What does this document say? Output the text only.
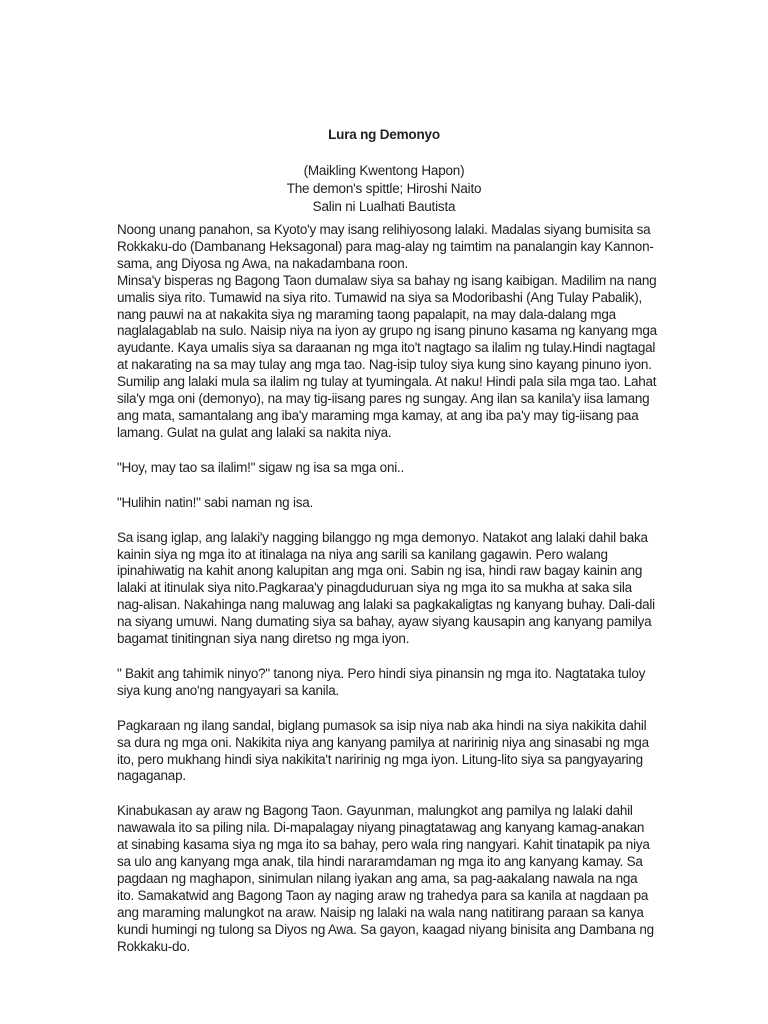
Lura ng Demonyo

(Maikling Kwentong Hapon)

The demon's spittle; Hiroshi Naito

Salin ni Lualhati Bautista

Noong unang panahon, sa Kyoto'y may isang relihiyosong lalaki. Madalas siyang bumisita sa Rokkaku-do (Dambanang Heksagonal) para mag-alay ng taimtim na panalangin kay Kannon-sama, ang Diyosa ng Awa, na nakadambana roon.

Minsa'y bisperas ng Bagong Taon dumalaw siya sa bahay ng isang kaibigan. Madilim na nang umalis siya rito. Tumawid na siya rito. Tumawid na siya sa Modoribashi (Ang Tulay Pabalik), nang pauwi na at nakakita siya ng maraming taong papalapit, na may dala-dalang mga naglalagablab na sulo. Naisip niya na iyon ay grupo ng isang pinuno kasama ng kanyang mga ayudante. Kaya umalis siya sa daraanan ng mga ito't nagtago sa ilalim ng tulay.Hindi nagtagal at nakarating na sa may tulay ang mga tao. Nag-isip tuloy siya kung sino kayang pinuno iyon. Sumilip ang lalaki mula sa ilalim ng tulay at tyumingala. At naku! Hindi pala sila mga tao. Lahat sila'y mga oni (demonyo), na may tig-iisang pares ng sungay. Ang ilan sa kanila'y iisa lamang ang mata, samantalang ang iba'y maraming mga kamay, at ang iba pa'y may tig-iisang paa lamang. Gulat na gulat ang lalaki sa nakita niya.

"Hoy, may tao sa ilalim!" sigaw ng isa sa mga oni..

"Hulihin natin!" sabi naman ng isa.

Sa isang iglap, ang lalaki'y nagging bilanggo ng mga demonyo. Natakot ang lalaki dahil baka kainin siya ng mga ito at itinalaga na niya ang sarili sa kanilang gagawin. Pero walang ipinahiwatig na kahit anong kalupitan ang mga oni. Sabin ng isa, hindi raw bagay kainin ang lalaki at itinulak siya nito.Pagkaraa'y pinagduduruan siya ng mga ito sa mukha at saka sila nag-alisan. Nakahinga nang maluwag ang lalaki sa pagkakaligtas ng kanyang buhay. Dali-dali na siyang umuwi. Nang dumating siya sa bahay, ayaw siyang kausapin ang kanyang pamilya bagamat tinitingnan siya nang diretso ng mga iyon.

" Bakit ang tahimik ninyo?" tanong niya. Pero hindi siya pinansin ng mga ito. Nagtataka tuloy siya kung ano'ng nangyayari sa kanila.

Pagkaraan ng ilang sandal, biglang pumasok sa isip niya nab aka hindi na siya nakikita dahil sa dura ng mga oni. Nakikita niya ang kanyang pamilya at naririnig niya ang sinasabi ng mga ito, pero mukhang hindi siya nakikita't naririnig ng mga iyon. Litung-lito siya sa pangyayaring nagaganap.

Kinabukasan ay araw ng Bagong Taon. Gayunman, malungkot ang pamilya ng lalaki dahil nawawala ito sa piling nila. Di-mapalagay niyang pinagtatawag ang kanyang kamag-anakan at sinabing kasama siya ng mga ito sa bahay, pero wala ring nangyari. Kahit tinatapik pa niya sa ulo ang kanyang mga anak, tila hindi nararamdaman ng mga ito ang kanyang kamay. Sa pagdaan ng maghapon, sinimulan nilang iyakan ang ama, sa pag-aakalang nawala na nga ito. Samakatwid ang Bagong Taon ay naging araw ng trahedya para sa kanila at nagdaan pa ang maraming malungkot na araw. Naisip ng lalaki na wala nang natitirang paraan sa kanya kundi humingi ng tulong sa Diyos ng Awa. Sa gayon, kaagad niyang binisita ang Dambana ng Rokkaku-do.
